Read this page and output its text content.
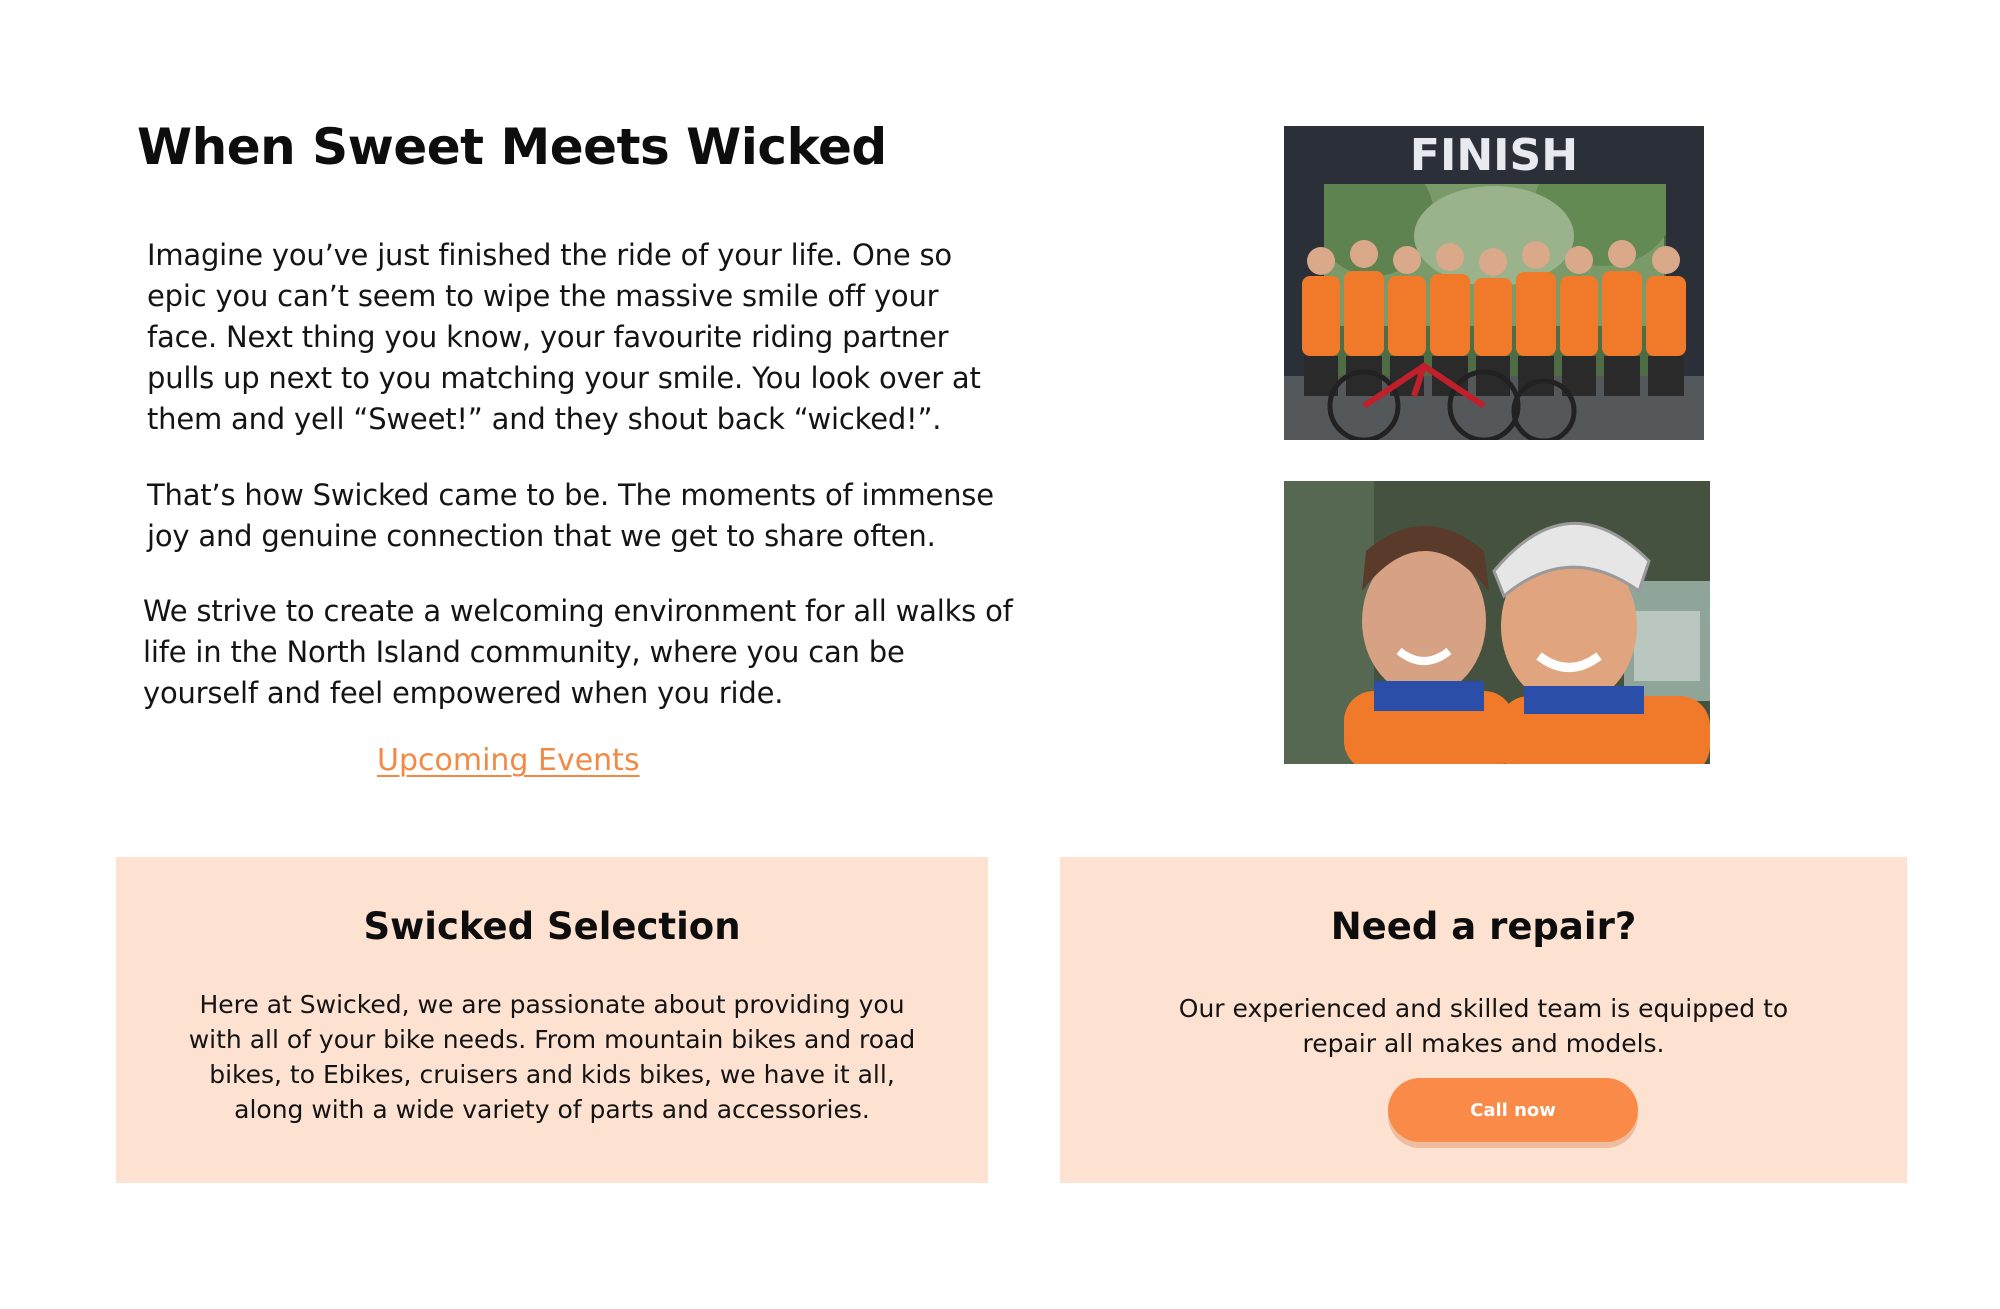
When Sweet Meets Wicked

Imagine you’ve just finished the ride of your life. One so epic you can’t seem to wipe the massive smile off your face. Next thing you know, your favourite riding partner pulls up next to you matching your smile. You look over at them and yell “Sweet!” and they shout back “wicked!”.

That’s how Swicked came to be. The moments of immense joy and genuine connection that we get to share often.

We strive to create a welcoming environment for all walks of life in the North Island community, where you can be yourself and feel empowered when you ride.

Upcoming Events
FINISH
Swicked Selection

Here at Swicked, we are passionate about providing you with all of your bike needs. From mountain bikes and road bikes, to Ebikes, cruisers and kids bikes, we have it all, along with a wide variety of parts and accessories.

Need a repair?

Our experienced and skilled team is equipped to repair all makes and models.

Call now
